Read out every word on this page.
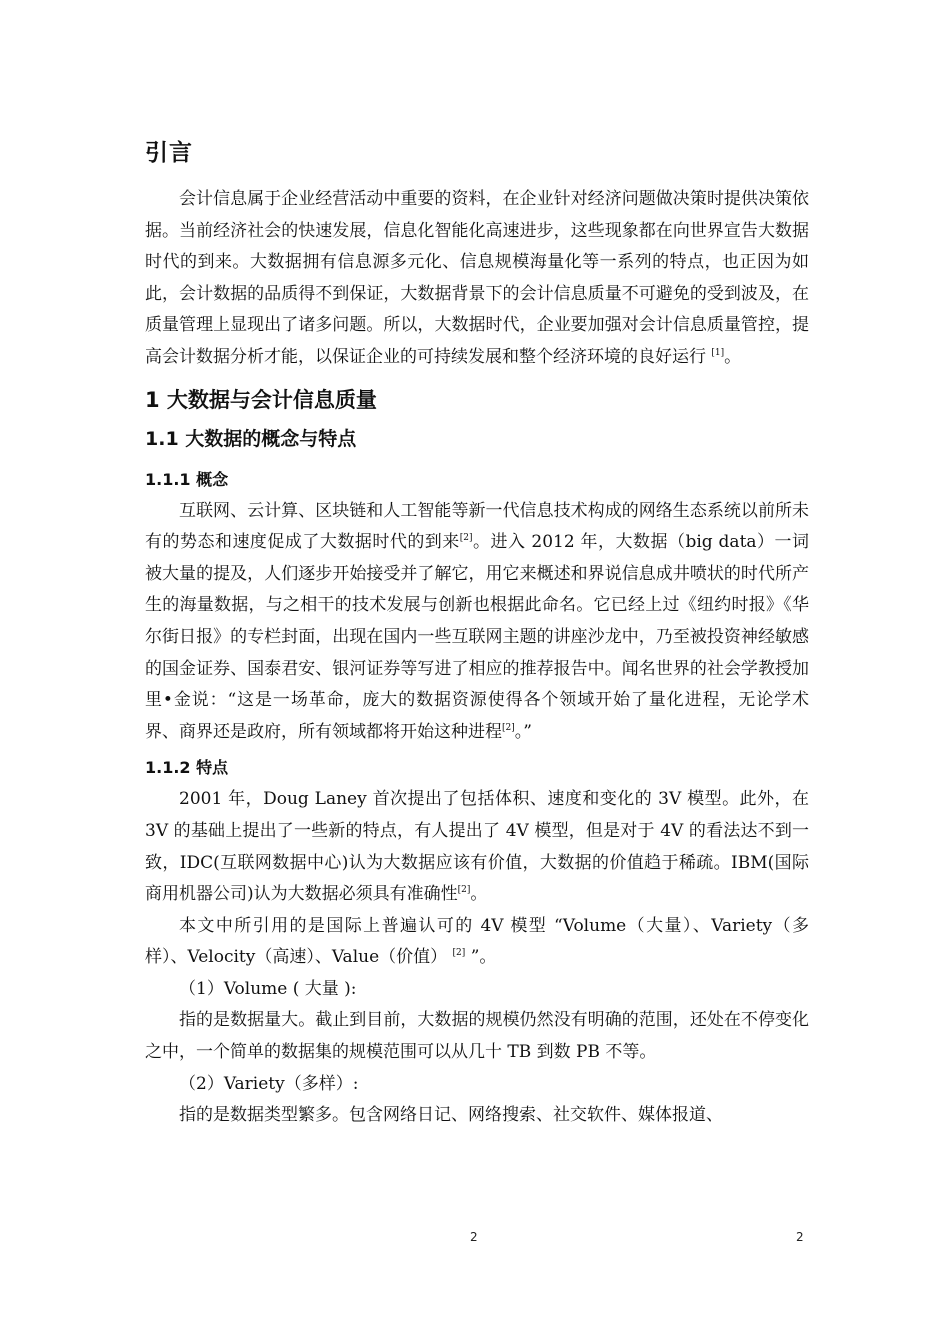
引言

会计信息属于企业经营活动中重要的资料，在企业针对经济问题做决策时提供决策依据。当前经济社会的快速发展，信息化智能化高速进步，这些现象都在向世界宣告大数据时代的到来。大数据拥有信息源多元化、信息规模海量化等一系列的特点，也正因为如此，会计数据的品质得不到保证，大数据背景下的会计信息质量不可避免的受到波及，在质量管理上显现出了诸多问题。所以，大数据时代，企业要加强对会计信息质量管控，提高会计数据分析才能，以保证企业的可持续发展和整个经济环境的良好运行 [1]。

1 大数据与会计信息质量
1.1 大数据的概念与特点
1.1.1 概念

互联网、云计算、区块链和人工智能等新一代信息技术构成的网络生态系统以前所未有的势态和速度促成了大数据时代的到来[2]。进入 2012 年，大数据（big data）一词被大量的提及，人们逐步开始接受并了解它，用它来概述和界说信息成井喷状的时代所产生的海量数据，与之相干的技术发展与创新也根据此命名。它已经上过《纽约时报》《华尔街日报》的专栏封面，出现在国内一些互联网主题的讲座沙龙中，乃至被投资神经敏感的国金证券、国泰君安、银河证券等写进了相应的推荐报告中。闻名世界的社会学教授加里•金说：“这是一场革命，庞大的数据资源使得各个领域开始了量化进程，无论学术界、商界还是政府，所有领域都将开始这种进程[2]。”

1.1.2 特点

2001 年，Doug Laney 首次提出了包括体积、速度和变化的 3V 模型。此外，在 3V 的基础上提出了一些新的特点，有人提出了 4V 模型，但是对于 4V 的看法达不到一致，IDC(互联网数据中心)认为大数据应该有价值，大数据的价值趋于稀疏。IBM(国际商用机器公司)认为大数据必须具有准确性[2]。

本文中所引用的是国际上普遍认可的 4V 模型 “Volume（大量）、Variety（多样）、Velocity（高速）、Value（价值） [2] ”。

（1）Volume ( 大量 ):

指的是数据量大。截止到目前，大数据的规模仍然没有明确的范围，还处在不停变化之中，一个简单的数据集的规模范围可以从几十 TB 到数 PB 不等。

（2）Variety（多样）:

指的是数据类型繁多。包含网络日记、网络搜索、社交软件、媒体报道、

2	2
